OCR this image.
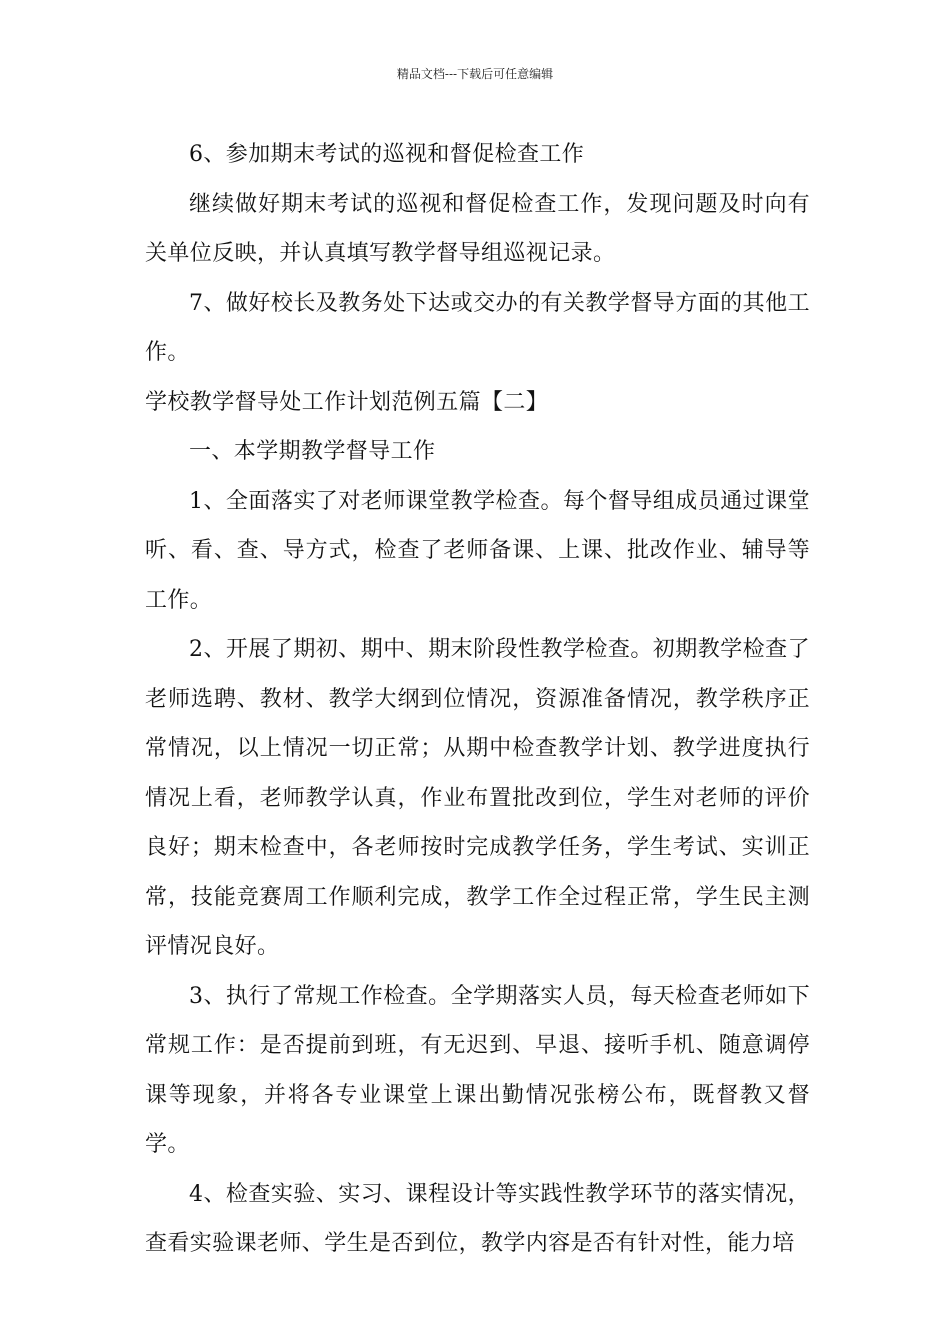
精品文档---下载后可任意编辑

6、参加期末考试的巡视和督促检查工作

继续做好期末考试的巡视和督促检查工作，发现问题及时向有关单位反映，并认真填写教学督导组巡视记录。

7、做好校长及教务处下达或交办的有关教学督导方面的其他工作。

学校教学督导处工作计划范例五篇【二】

一、本学期教学督导工作

1、全面落实了对老师课堂教学检查。每个督导组成员通过课堂听、看、查、导方式，检查了老师备课、上课、批改作业、辅导等工作。

2、开展了期初、期中、期末阶段性教学检查。初期教学检查了老师选聘、教材、教学大纲到位情况，资源准备情况，教学秩序正常情况，以上情况一切正常；从期中检查教学计划、教学进度执行情况上看，老师教学认真，作业布置批改到位，学生对老师的评价良好；期末检查中，各老师按时完成教学任务，学生考试、实训正常，技能竞赛周工作顺利完成，教学工作全过程正常，学生民主测评情况良好。

3、执行了常规工作检查。全学期落实人员，每天检查老师如下常规工作：是否提前到班，有无迟到、早退、接听手机、随意调停课等现象，并将各专业课堂上课出勤情况张榜公布，既督教又督学。

4、检查实验、实习、课程设计等实践性教学环节的落实情况，查看实验课老师、学生是否到位，教学内容是否有针对性，能力培
